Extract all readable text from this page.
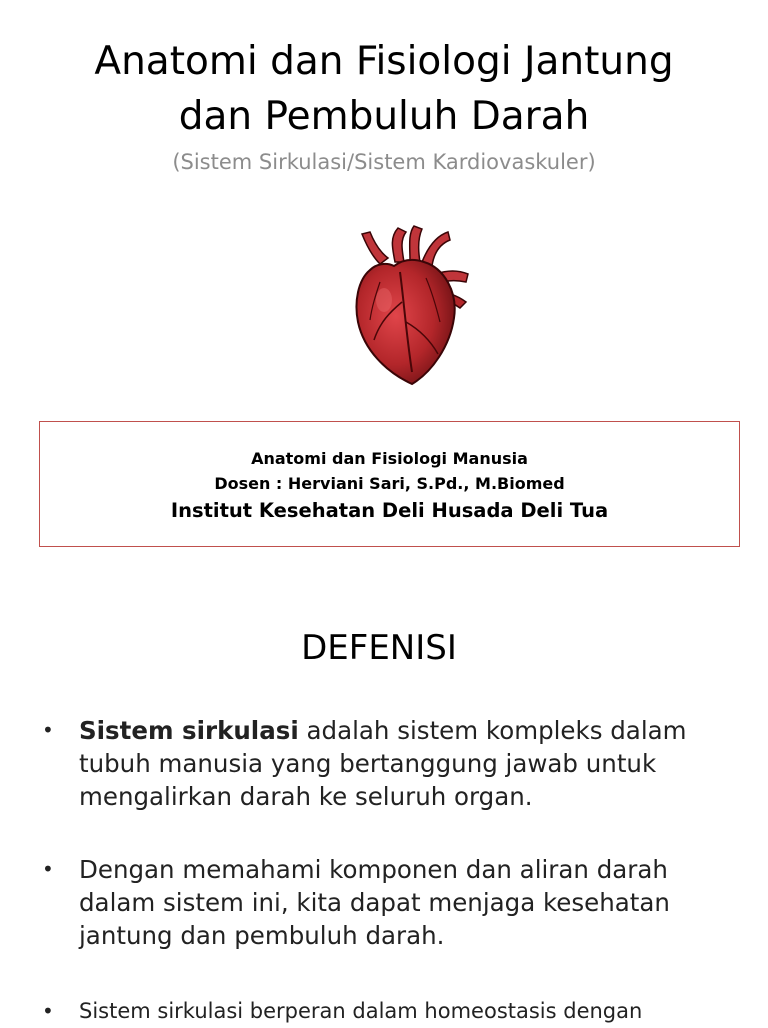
Anatomi dan Fisiologi Jantung
dan Pembuluh Darah
(Sistem Sirkulasi/Sistem Kardiovaskuler)
Anatomi dan Fisiologi Manusia
Dosen : Herviani Sari, S.Pd., M.Biomed
Institut Kesehatan Deli Husada Deli Tua
DEFENISI
• Sistem sirkulasi adalah sistem kompleks dalam tubuh manusia yang bertanggung jawab untuk mengalirkan darah ke seluruh organ.
• Dengan memahami komponen dan aliran darah dalam sistem ini, kita dapat menjaga kesehatan jantung dan pembuluh darah.
• Sistem sirkulasi berperan dalam homeostasis dengan
